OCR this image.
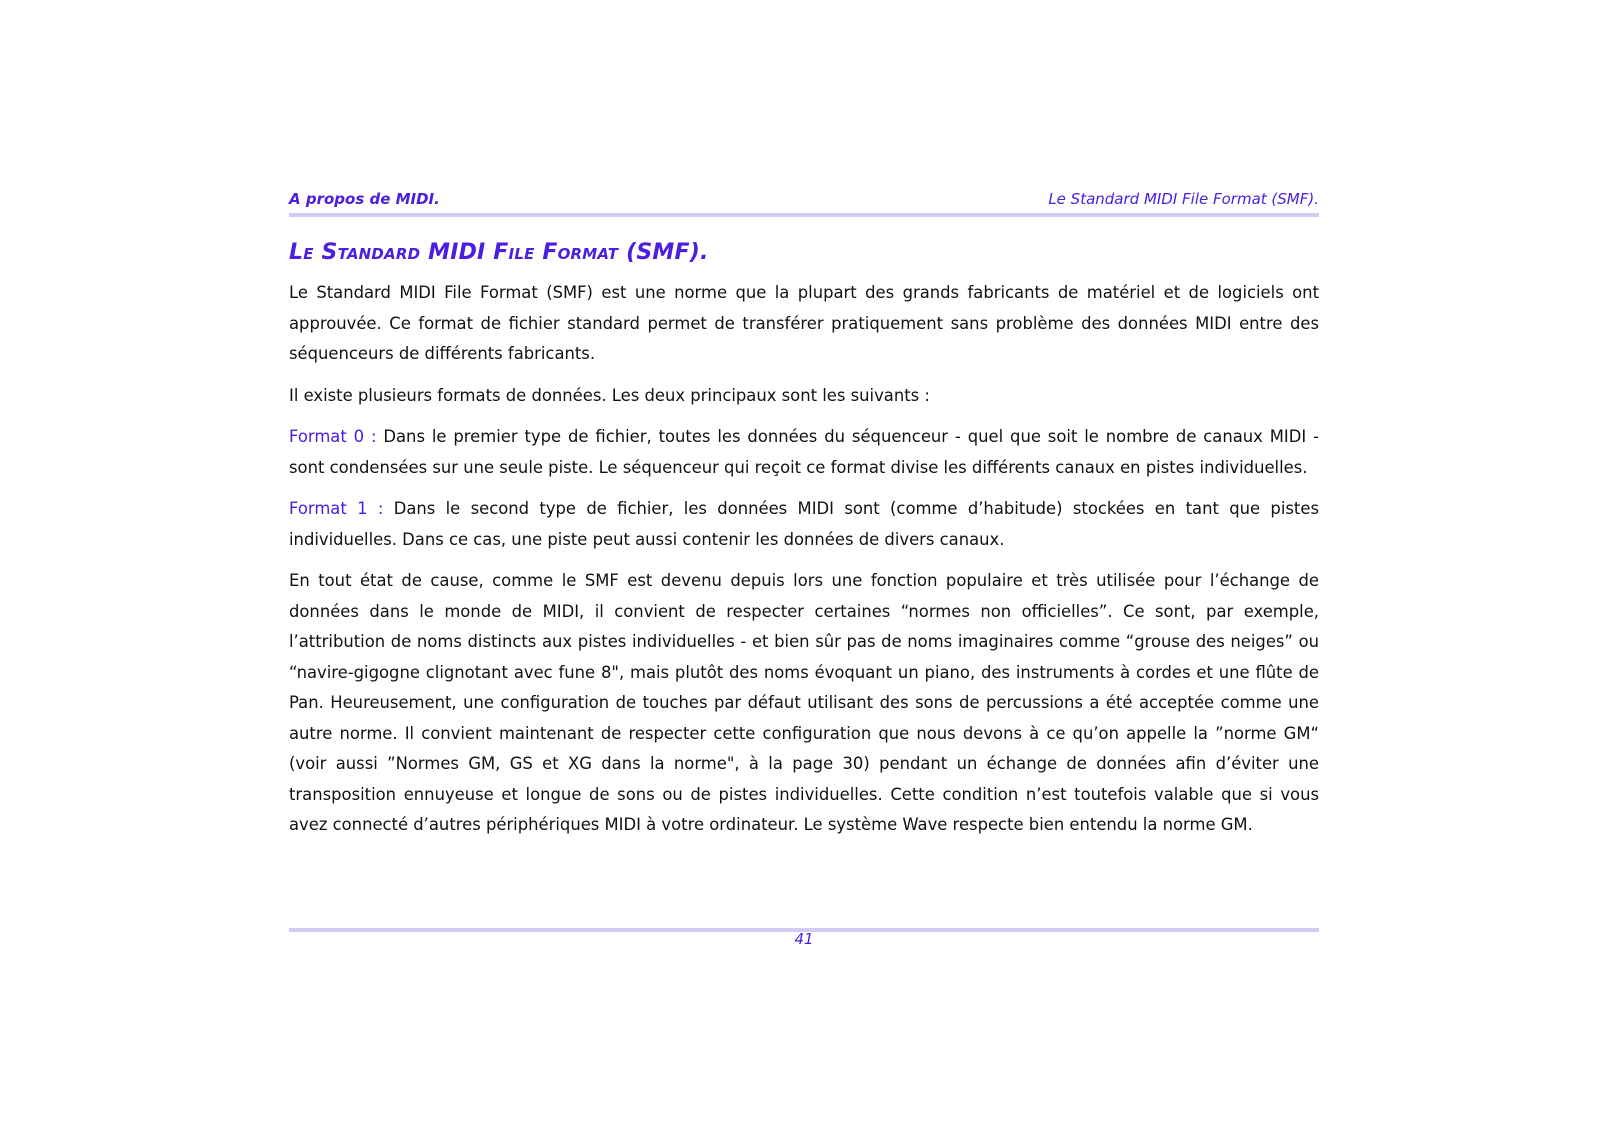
A propos de MIDI.	Le Standard MIDI File Format (SMF).
Le Standard MIDI File Format (SMF).

Le Standard MIDI File Format (SMF) est une norme que la plupart des grands fabricants de matériel et de logiciels ont approuvée. Ce format de fichier standard permet de transférer pratiquement sans problème des données MIDI entre des séquenceurs de différents fabricants.

Il existe plusieurs formats de données. Les deux principaux sont les suivants :

Format 0 : Dans le premier type de fichier, toutes les données du séquenceur - quel que soit le nombre de canaux MIDI - sont condensées sur une seule piste. Le séquenceur qui reçoit ce format divise les différents canaux en pistes individuelles.

Format 1 : Dans le second type de fichier, les données MIDI sont (comme d’habitude) stockées en tant que pistes individuelles. Dans ce cas, une piste peut aussi contenir les données de divers canaux.

En tout état de cause, comme le SMF est devenu depuis lors une fonction populaire et très utilisée pour l’échange de données dans le monde de MIDI, il convient de respecter certaines “normes non officielles”. Ce sont, par exemple, l’attribution de noms distincts aux pistes individuelles - et bien sûr pas de noms imaginaires comme “grouse des neiges” ou “navire-gigogne clignotant avec fune 8", mais plutôt des noms évoquant un piano, des instruments à cordes et une flûte de Pan. Heureusement, une configuration de touches par défaut utilisant des sons de percussions a été acceptée comme une autre norme. Il convient maintenant de respecter cette configuration que nous devons à ce qu’on appelle la ”norme GM“ (voir aussi ”Normes GM, GS et XG dans la norme", à la page 30) pendant un échange de données afin d’éviter une transposition ennuyeuse et longue de sons ou de pistes individuelles. Cette condition n’est toutefois valable que si vous avez connecté d’autres périphériques MIDI à votre ordinateur. Le système Wave respecte bien entendu la norme GM.

41
